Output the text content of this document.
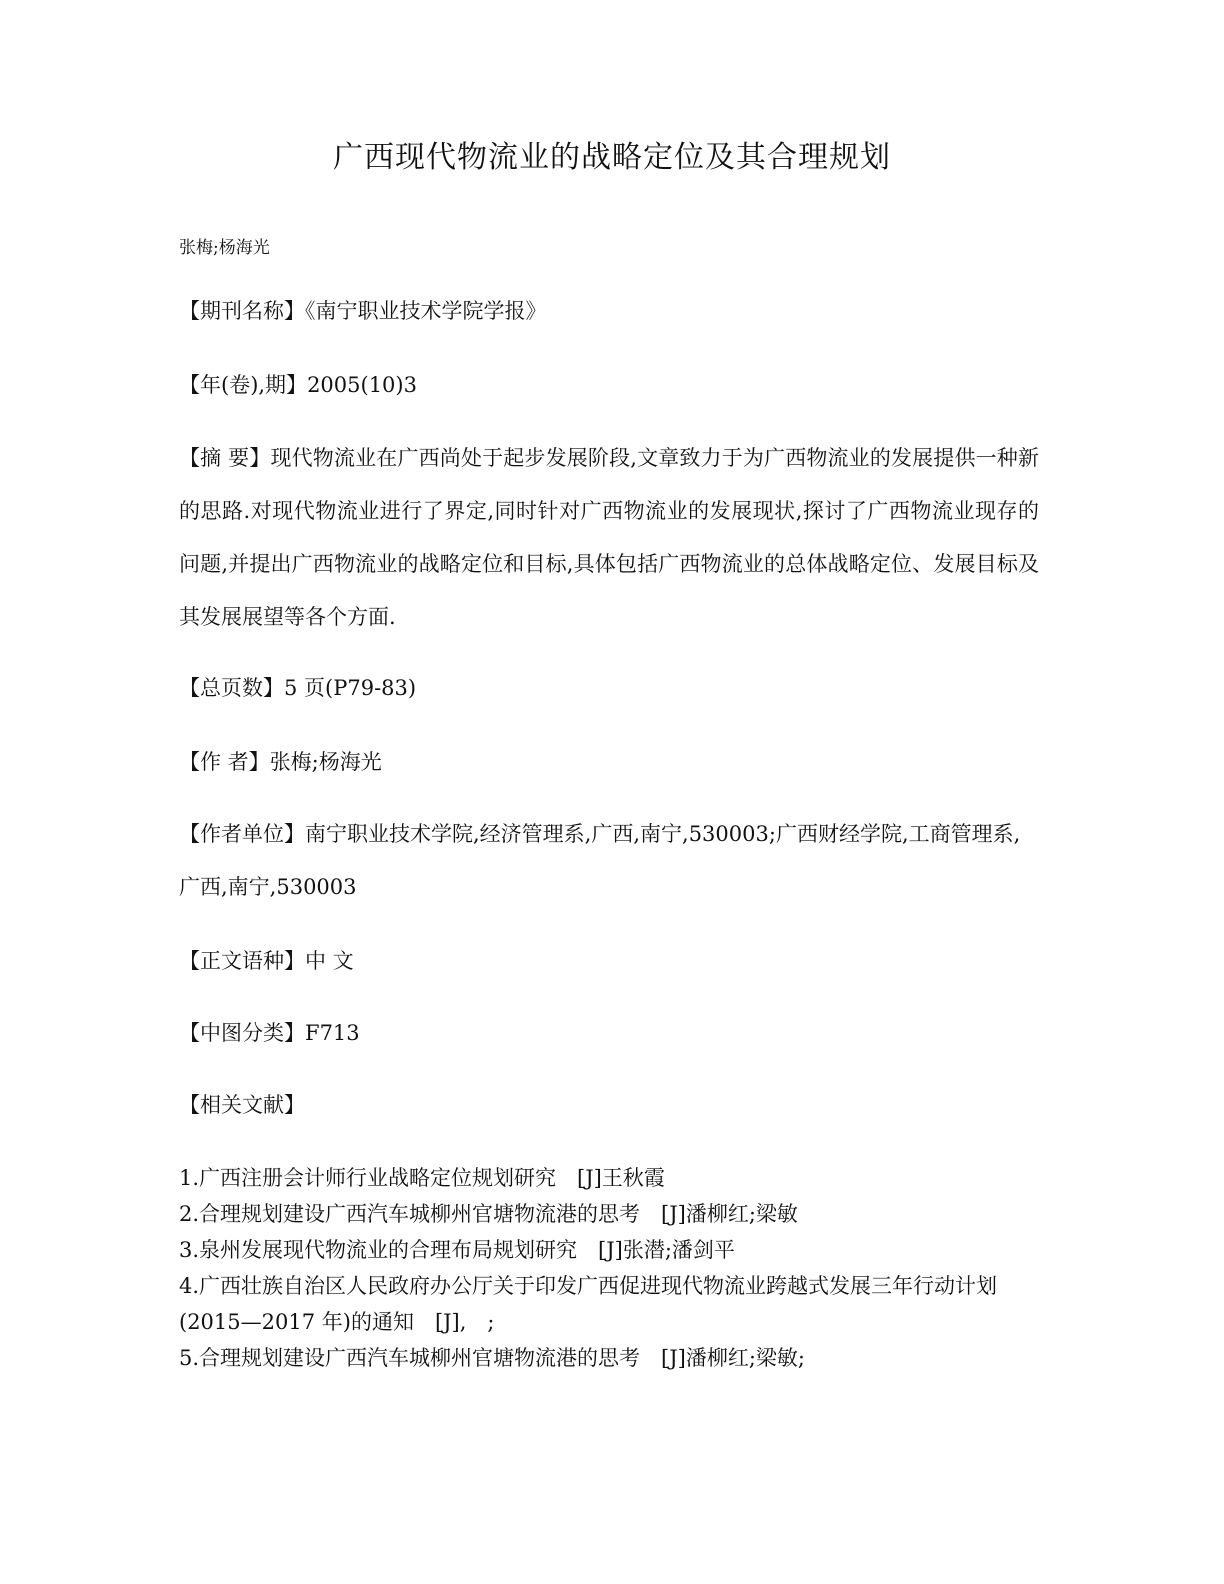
广西现代物流业的战略定位及其合理规划
张梅;杨海光
【期刊名称】《南宁职业技术学院学报》
【年(卷),期】2005(10)3
【摘 要】现代物流业在广西尚处于起步发展阶段,文章致力于为广西物流业的发展提供一种新的思路.对现代物流业进行了界定,同时针对广西物流业的发展现状,探讨了广西物流业现存的问题,并提出广西物流业的战略定位和目标,具体包括广西物流业的总体战略定位、发展目标及其发展展望等各个方面.
【总页数】5 页(P79-83)
【作 者】张梅;杨海光
【作者单位】南宁职业技术学院,经济管理系,广西,南宁,530003;广西财经学院,工商管理系,广西,南宁,530003
【正文语种】中 文
【中图分类】F713
【相关文献】
1.广西注册会计师行业战略定位规划研究　[J]王秋霞
2.合理规划建设广西汽车城柳州官塘物流港的思考　[J]潘柳红;梁敏
3.泉州发展现代物流业的合理布局规划研究　[J]张潜;潘剑平
4.广西壮族自治区人民政府办公厅关于印发广西促进现代物流业跨越式发展三年行动计划(2015—2017 年)的通知　[J],　;
5.合理规划建设广西汽车城柳州官塘物流港的思考　[J]潘柳红;梁敏;
